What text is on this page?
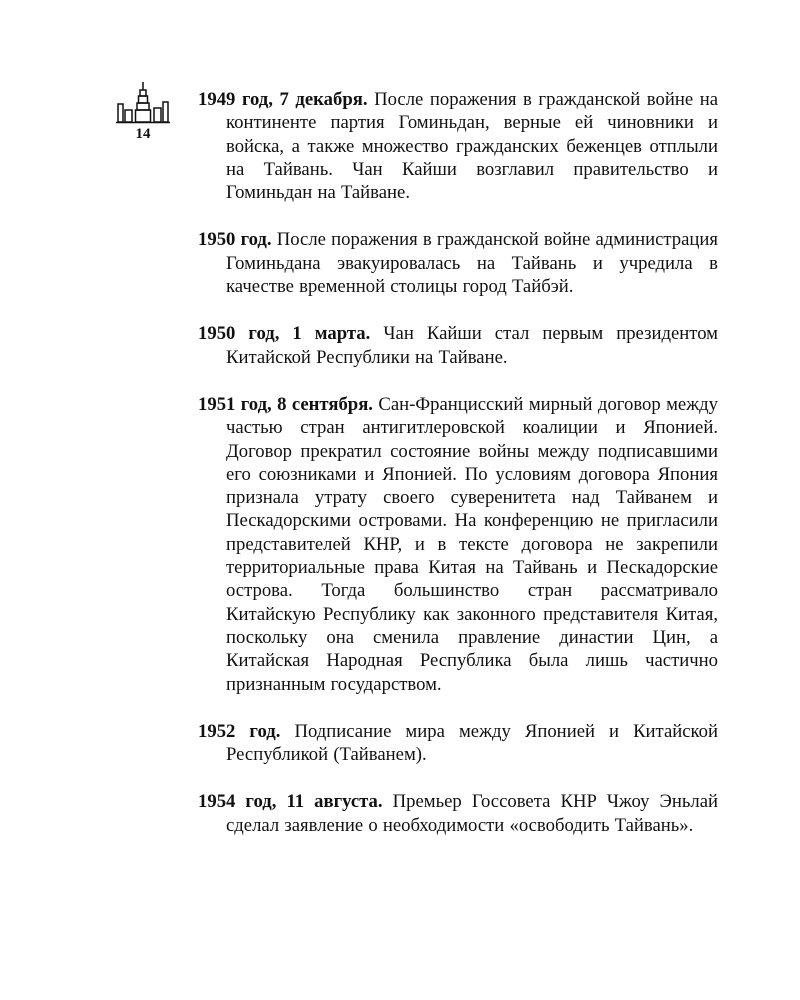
14

1949 год, 7 декабря. После поражения в гражданской войне на континенте партия Гоминьдан, верные ей чиновники и войска, а также множество гражданских беженцев отплыли на Тайвань. Чан Кайши возглавил правительство и Гоминьдан на Тайване.

1950 год. После поражения в гражданской войне администрация Гоминьдана эвакуировалась на Тайвань и учредила в качестве временной столицы город Тайбэй.

1950 год, 1 марта. Чан Кайши стал первым президентом Китайской Республики на Тайване.

1951 год, 8 сентября. Сан-Францисский мирный договор между частью стран антигитлеровской коалиции и Японией. Договор прекратил состояние войны между подписавшими его союзниками и Японией. По условиям договора Япония признала утрату своего суверенитета над Тайванем и Пескадорскими островами. На конференцию не пригласили представителей КНР, и в тексте договора не закрепили территориальные права Китая на Тайвань и Пескадорские острова. Тогда большинство стран рассматривало Китайскую Республику как законного представителя Китая, поскольку она сменила правление династии Цин, а Китайская Народная Республика была лишь частично признанным государством.

1952 год. Подписание мира между Японией и Китайской Республикой (Тайванем).

1954 год, 11 августа. Премьер Госсовета КНР Чжоу Эньлай сделал заявление о необходимости «освободить Тайвань».
